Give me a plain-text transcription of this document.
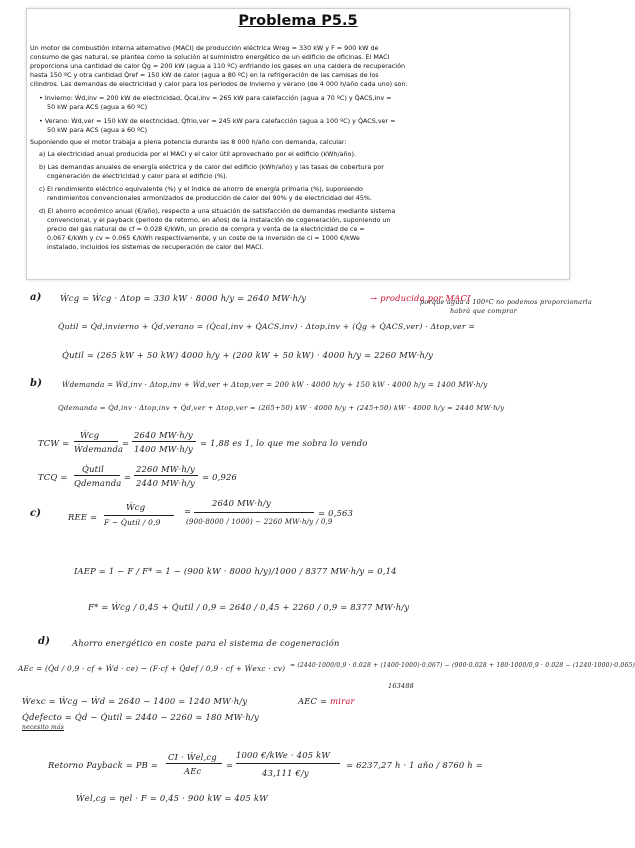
Problema P5.5
Un motor de combustión interna alternativo (MACI) de producción eléctrica Ẇreg = 330 kW y F = 900 kW de
consumo de gas natural, se plantea como la solución al suministro energético de un edificio de oficinas. El MACI
proporciona una cantidad de calor Q̇g = 200 kW (agua a 110 ºC) enfriando los gases en una caldera de recuperación
hasta 150 ºC y otra cantidad Q̇ref = 150 kW de calor (agua a 80 ºC) en la refrigeración de las camisas de los
cilindros. Las demandas de electricidad y calor para los periodos de invierno y verano (de 4 000 h/año cada uno) son:
• Invierno: Ẇd,inv = 200 kW de electricidad, Q̇cal,inv = 265 kW para calefacción (agua a 70 ºC) y Q̇ACS,inv =
50 kW para ACS (agua a 60 ºC)
• Verano: Ẇd,ver = 150 kW de electricidad, Q̇frio,ver = 245 kW para calefacción (agua a 100 ºC) y Q̇ACS,ver =
50 kW para ACS (agua a 60 ºC)
Suponiendo que el motor trabaja a plena potencia durante las 8 000 h/año con demanda, calcular:
a) La electricidad anual producida por el MACI y el calor útil aprovechado por el edificio (kWh/año).
b) Las demandas anuales de energía eléctrica y de calor del edificio (kWh/año) y las tasas de cobertura por
cogeneración de electricidad y calor para el edificio (%).
c) El rendimiento eléctrico equivalente (%) y el índice de ahorro de energía primaria (%), suponiendo
rendimientos convencionales armonizados de producción de calor del 90% y de electricidad del 45%.
d) El ahorro económico anual (€/año), respecto a una situación de satisfacción de demandas mediante sistema
convencional, y el payback (periodo de retorno, en años) de la instalación de cogeneración, suponiendo un
precio del gas natural de cf = 0.028 €/kWh, un precio de compra y venta de la electricidad de ce =
0.067 €/kWh y cv = 0.065 €/kWh respectivamente, y un coste de la inversión de ci = 1000 €/kWe
instalado, incluidos los sistemas de recuperación de calor del MACI.
a) Ẇcg = Ẇcg · Δtop = 330 kW · 8000 h/y = 2640 MW·h/y	→ producida por MACI
Q̇util = Q̇d,invierno + Q̇d,verano = (Q̇cal,inv + Q̇ACS,inv) · Δtop,inv + (Q̇g + Q̇ACS,ver) · Δtop,ver =
porque agua a 100ºC no podemos proporcionarla
habrá que comprar
Q̇util = (265 kW + 50 kW) 4000 h/y + (200 kW + 50 kW) · 4000 h/y = 2260 MW·h/y
b)	Ẇdemanda = Ẇd,inv · Δtop,inv + Ẇd,ver + Δtop,ver = 200 kW · 4000 h/y + 150 kW · 4000 h/y = 1400 MW·h/y
Qdemanda = Q̇d,inv · Δtop,inv + Q̇d,ver + Δtop,ver = (265+50) kW · 4000 h/y + (245+50) kW · 4000 h/y = 2440 MW·h/y
TCW =
Ẇcg
Ẇdemanda
=
2640 MW·h/y
1400 MW·h/y
= 1,88 es 1, lo que me sobra lo vendo
TCQ =
Q̇util
Qdemanda
=
2260 MW·h/y
2440 MW·h/y
= 0,926
c)	REE =
Ẇcg
F − Q̇util / 0,9
=
2640 MW·h/y
(900·8000 / 1000) − 2260 MW·h/y / 0,9
= 0,563
IAEP = 1 − F / F* = 1 − (900 kW · 8000 h/y)/1000 / 8377 MW·h/y = 0,14
F* = Ẇcg / 0,45 + Q̇util / 0,9 = 2640 / 0,45 + 2260 / 0,9 = 8377 MW·h/y
d)	Ahorro energético en coste para el sistema de cogeneración
AEc = (Q̇d / 0,9 · cf + Ẇd · ce) − (F·cf + Q̇def / 0,9 · cf + Ẇexc · cv) = (2440·1000/0,9 · 0.028 + (1400·1000)·0.067) − (900·0.028 + 180·1000/0,9 · 0.028 − (1240·1000)·0.065)
163488
Ẇexc = Ẇcg − Ẇd = 2640 − 1400 = 1240 MW·h/y	AEC = mirar
Q̇defecto = Q̇d − Q̇util = 2440 − 2260 = 180 MW·h/y
necesito más
Retorno Payback = PB =
CI · Ẇel,cg
AEc
=
1000 €/kWe · 405 kW
43,111 €/y
= 6237,27 h · 1 año / 8760 h =
Ẇel,cg = ηel · F = 0,45 · 900 kW = 405 kW
